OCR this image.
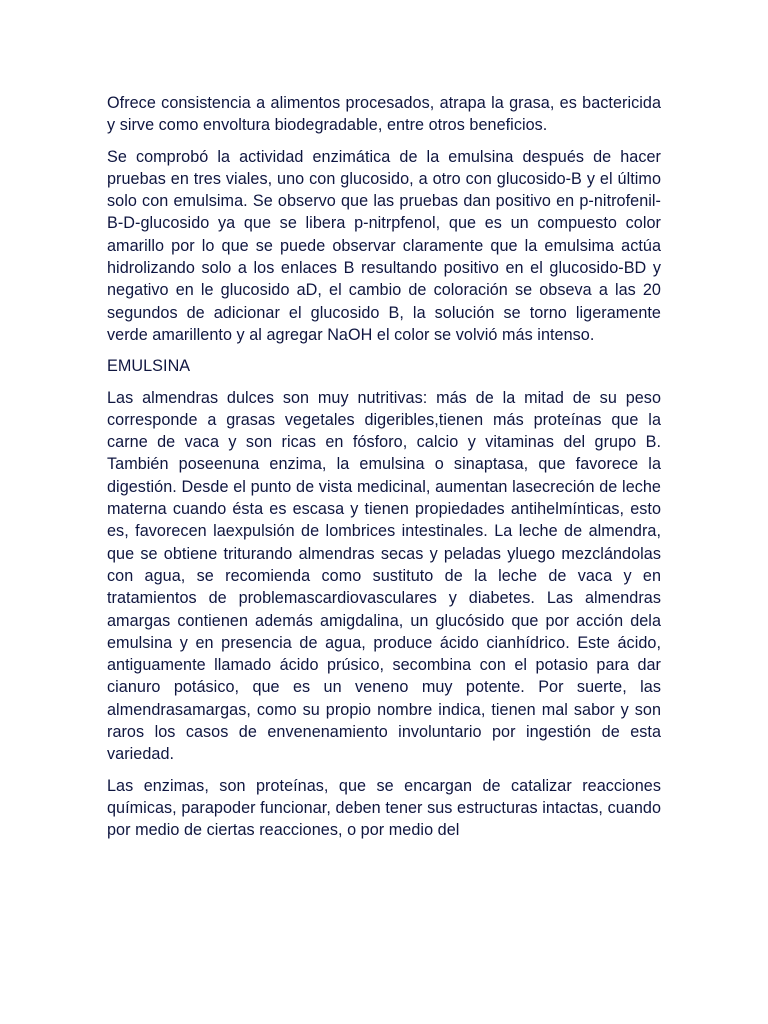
Ofrece consistencia a alimentos procesados, atrapa la grasa, es bactericida y sirve como envoltura biodegradable, entre otros beneficios.

Se comprobó la actividad enzimática de la emulsina después de hacer pruebas en tres viales, uno con glucosido, a otro con glucosido-B y el último solo con emulsima. Se observo que las pruebas dan positivo en p-nitrofenil-B-D-glucosido ya que se libera p-nitrpfenol, que es un compuesto color amarillo por lo que se puede observar claramente que la emulsima actúa hidrolizando solo a los enlaces B resultando positivo en el glucosido-BD y negativo en le glucosido aD, el cambio de coloración se obseva a las 20 segundos de adicionar el glucosido B, la solución se torno ligeramente verde amarillento y al agregar NaOH el color se volvió más intenso.

EMULSINA

Las almendras dulces son muy nutritivas: más de la mitad de su peso corresponde a grasas vegetales digeribles,tienen más proteínas que la carne de vaca y son ricas en fósforo, calcio y vitaminas del grupo B. También poseenuna enzima, la emulsina o sinaptasa, que favorece la digestión. Desde el punto de vista medicinal, aumentan lasecreción de leche materna cuando ésta es escasa y tienen propiedades antihelmínticas, esto es, favorecen laexpulsión de lombrices intestinales. La leche de almendra, que se obtiene triturando almendras secas y peladas yluego mezclándolas con agua, se recomienda como sustituto de la leche de vaca y en tratamientos de problemascardiovasculares y diabetes. Las almendras amargas contienen además amigdalina, un glucósido que por acción dela emulsina y en presencia de agua, produce ácido cianhídrico. Este ácido, antiguamente llamado ácido prúsico, secombina con el potasio para dar cianuro potásico, que es un veneno muy potente. Por suerte, las almendrasamargas, como su propio nombre indica, tienen mal sabor y son raros los casos de envenenamiento involuntario por ingestión de esta variedad.

Las enzimas, son proteínas, que se encargan de catalizar reacciones químicas, parapoder funcionar, deben tener sus estructuras intactas, cuando por medio de ciertas reacciones, o por medio del
